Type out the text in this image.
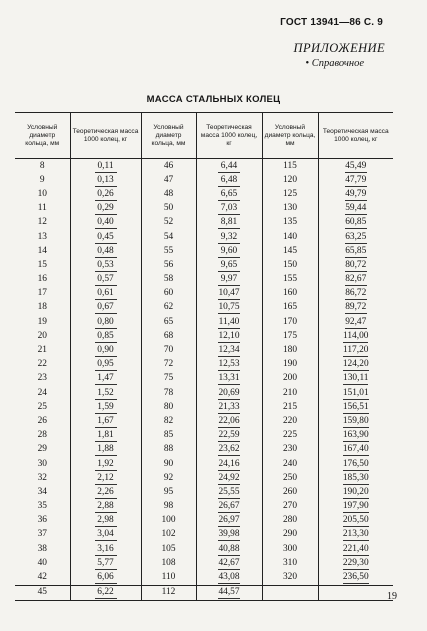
ГОСТ 13941—86 С. 9
ПРИЛОЖЕНИЕ
• Справочное
МАССА СТАЛЬНЫХ КОЛЕЦ
Условный диаметр кольца, мм	Теоретическая масса 1000 колец, кг	Условный диаметр кольца, мм	Теоретическая масса 1000 колец, кг	Условный диаметр кольца, мм	Теоретическая масса 1000 колец, кг
8	0,11	46	6,44	115	45,49
9	0,13	47	6,48	120	47,79
10	0,26	48	6,65	125	49,79
11	0,29	50	7,03	130	59,44
12	0,40	52	8,81	135	60,85
13	0,45	54	9,32	140	63,25
14	0,48	55	9,60	145	65,85
15	0,53	56	9,65	150	80,72
16	0,57	58	9,97	155	82,67
17	0,61	60	10,47	160	86,72
18	0,67	62	10,75	165	89,72
19	0,80	65	11,40	170	92,47
20	0,85	68	12,10	175	114,00
21	0,90	70	12,34	180	117,20
22	0,95	72	12,53	190	124,20
23	1,47	75	13,31	200	130,11
24	1,52	78	20,69	210	151,01
25	1,59	80	21,33	215	156,51
26	1,67	82	22,06	220	159,80
28	1,81	85	22,59	225	163,90
29	1,88	88	23,62	230	167,40
30	1,92	90	24,16	240	176,50
32	2,12	92	24,92	250	185,30
34	2,26	95	25,55	260	190,20
35	2,88	98	26,67	270	197,90
36	2,98	100	26,97	280	205,50
37	3,04	102	39,98	290	213,30
38	3,16	105	40,88	300	221,40
40	5,77	108	42,67	310	229,30
42	6,06	110	43,08	320	236,50
45	6,22	112	44,57			19
